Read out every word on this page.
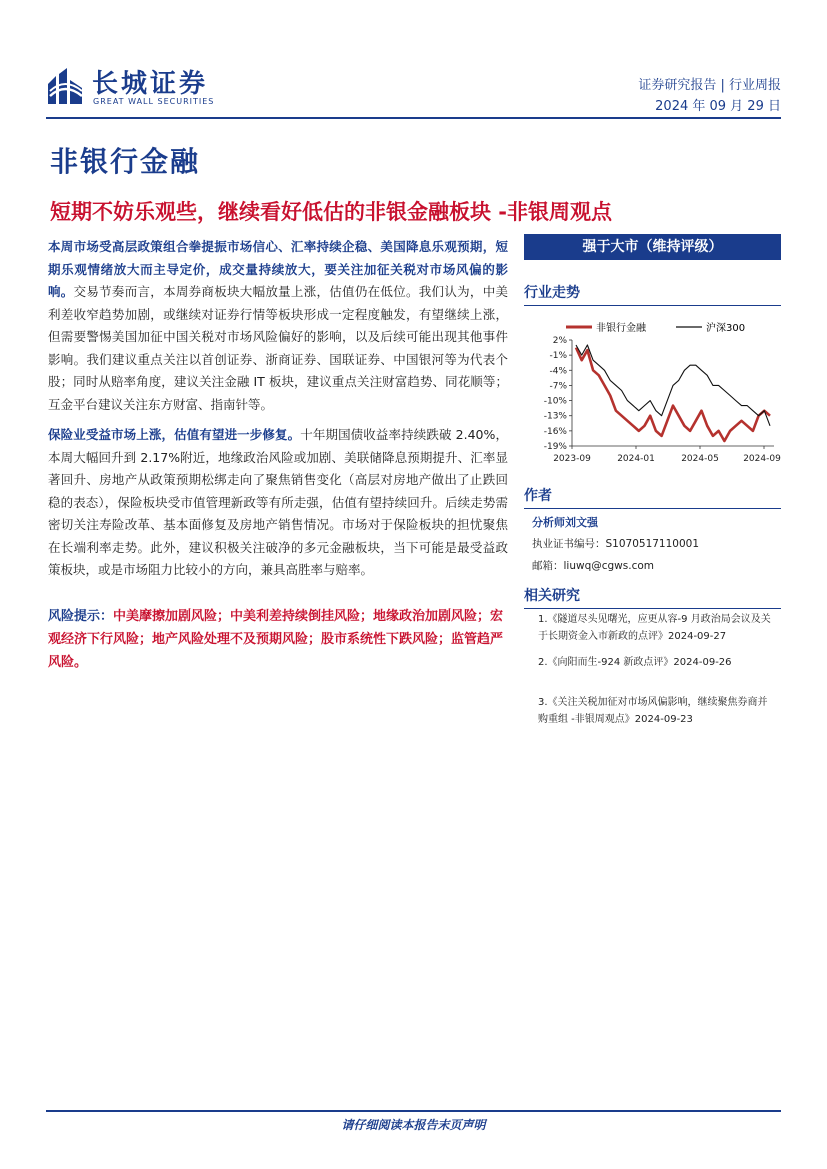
长城证券
GREAT WALL SECURITIES
证券研究报告 | 行业周报
2024 年 09 月 29 日
非银行金融
短期不妨乐观些，继续看好低估的非银金融板块 -非银周观点

本周市场受高层政策组合拳提振市场信心、汇率持续企稳、美国降息乐观预期，短期乐观情绪放大而主导定价，成交量持续放大，要关注加征关税对市场风偏的影响。交易节奏而言，本周券商板块大幅放量上涨，估值仍在低位。我们认为，中美利差收窄趋势加剧，或继续对证券行情等板块形成一定程度触发，有望继续上涨，但需要警惕美国加征中国关税对市场风险偏好的影响，以及后续可能出现其他事件影响。我们建议重点关注以首创证券、浙商证券、国联证券、中国银河等为代表个股；同时从赔率角度，建议关注金融 IT 板块，建议重点关注财富趋势、同花顺等；互金平台建议关注东方财富、指南针等。

保险业受益市场上涨，估值有望进一步修复。十年期国债收益率持续跌破 2.40%，本周大幅回升到 2.17%附近，地缘政治风险或加剧、美联储降息预期提升、汇率显著回升、房地产从政策预期松绑走向了聚焦销售变化（高层对房地产做出了止跌回稳的表态），保险板块受市值管理新政等有所走强，估值有望持续回升。后续走势需密切关注寿险改革、基本面修复及房地产销售情况。市场对于保险板块的担忧聚焦在长端利率走势。此外，建议积极关注破净的多元金融板块，当下可能是最受益政策板块，或是市场阻力比较小的方向，兼具高胜率与赔率。

风险提示：中美摩擦加剧风险；中美利差持续倒挂风险；地缘政治加剧风险；宏观经济下行风险；地产风险处理不及预期风险；股市系统性下跌风险；监管趋严风险。
强于大市（维持评级）
行业走势
非银行金融	沪深300
2%
-1%
-4%
-7%
-10%
-13%
-16%
-19%
2023-09	2024-01	2024-05	2024-09
作者
分析师刘文强
执业证书编号：S1070517110001
邮箱：liuwq@cgws.com
相关研究
1.《隧道尽头见曙光，应更从容-9 月政治局会议及关于长期资金入市新政的点评》2024-09-27
2.《向阳而生-924 新政点评》2024-09-26
3.《关注关税加征对市场风偏影响，继续聚焦券商并购重组 -非银周观点》2024-09-23
请仔细阅读本报告末页声明
